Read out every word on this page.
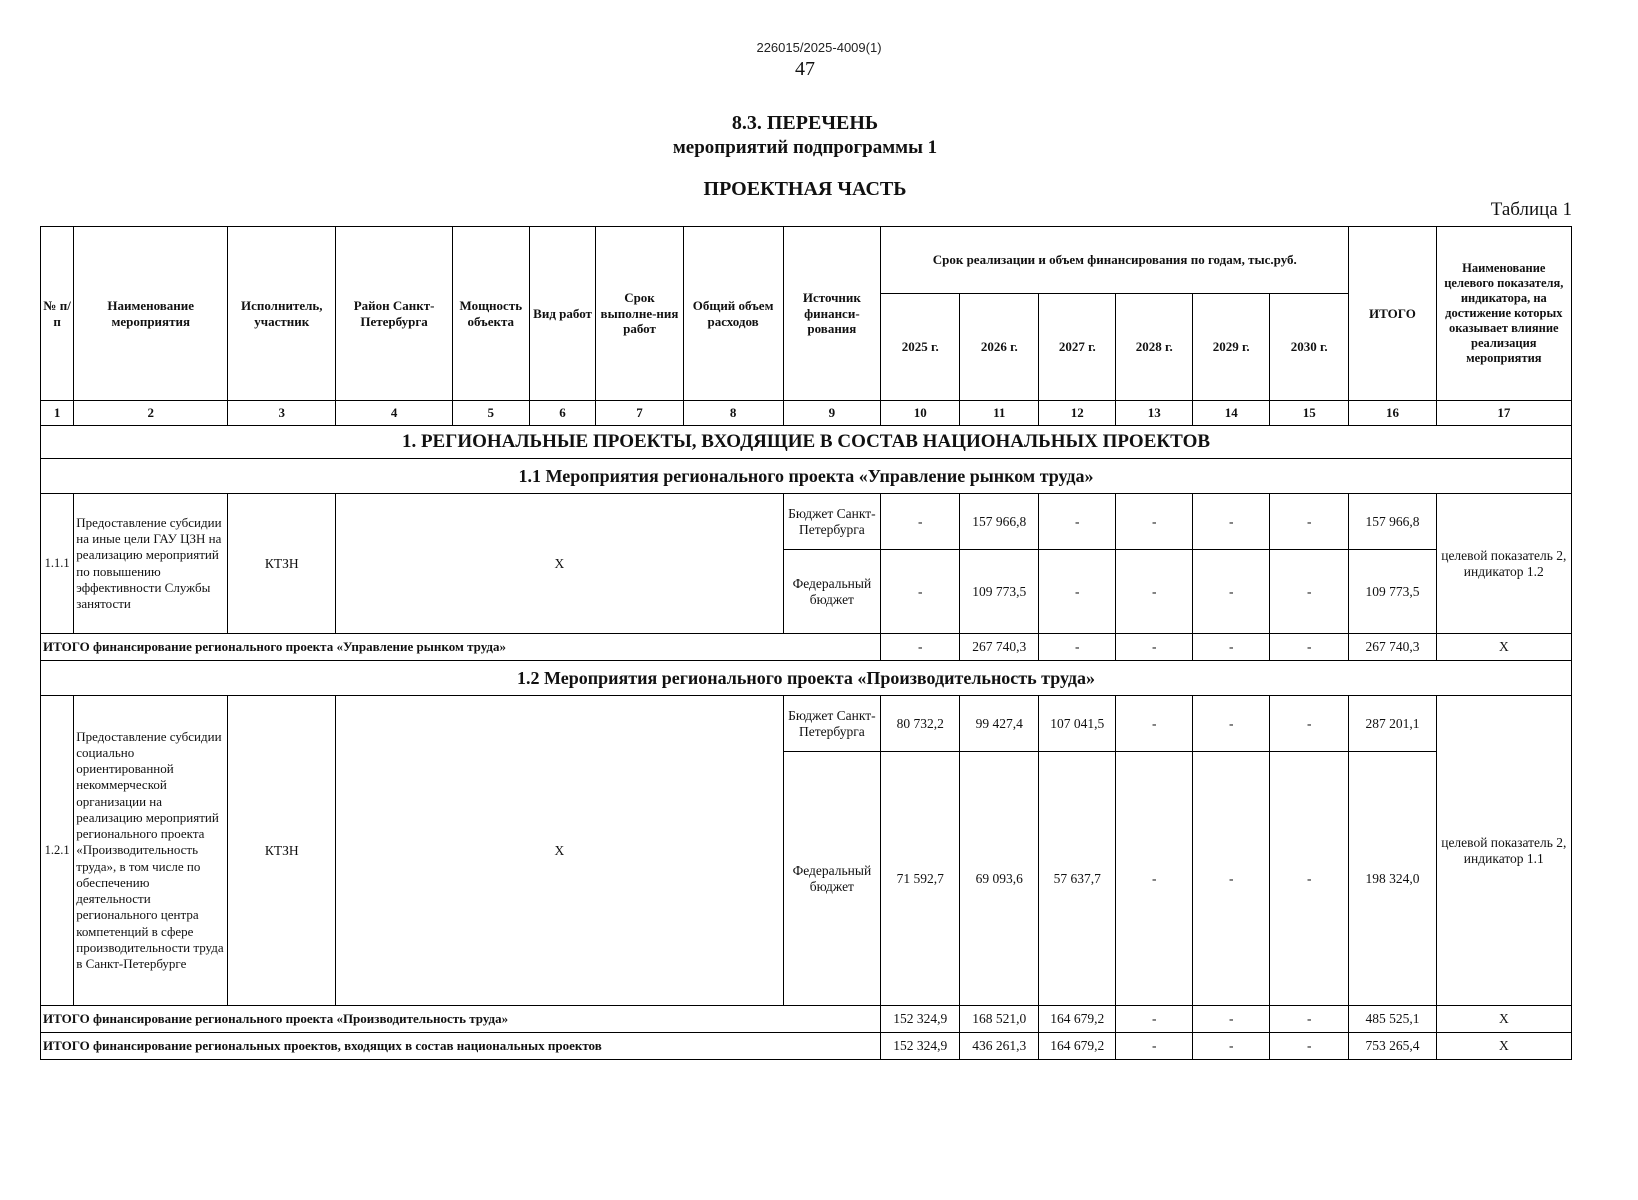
226015/2025-4009(1)
47
8.3. ПЕРЕЧЕНЬ
мероприятий подпрограммы 1
ПРОЕКТНАЯ ЧАСТЬ
Таблица 1
№ п/п	Наименование мероприятия	Исполнитель, участник	Район Санкт-Петербурга	Мощность объекта	Вид работ	Срок выполне-ния работ	Общий объем расходов	Источник финанси-рования	Срок реализации и объем финансирования по годам, тыс.руб.						ИТОГО	Наименование целевого показателя, индикатора, на достижение которых оказывает влияние реализация мероприятия
									2025 г.	2026 г.	2027 г.	2028 г.	2029 г.	2030 г.		
1	2	3	4	5	6	7	8	9	10	11	12	13	14	15	16	17
1. РЕГИОНАЛЬНЫЕ ПРОЕКТЫ, ВХОДЯЩИЕ В СОСТАВ НАЦИОНАЛЬНЫХ ПРОЕКТОВ																
1.1 Мероприятия регионального проекта «Управление рынком труда»																
1.1.1	Предоставление субсидии на иные цели ГАУ ЦЗН на реализацию мероприятий по повышению эффективности Службы занятости	КТЗН	X					Бюджет Санкт-Петербурга	-	157 966,8	-	-	-	-	157 966,8	целевой показатель 2, индикатор 1.2
								Федеральный бюджет	-	109 773,5	-	-	-	-	109 773,5	
ИТОГО финансирование регионального проекта «Управление рынком труда»									-	267 740,3	-	-	-	-	267 740,3	X
1.2 Мероприятия регионального проекта «Производительность труда»																
1.2.1	Предоставление субсидии социально ориентированной некоммерческой организации на реализацию мероприятий регионального проекта «Производительность труда», в том числе по обеспечению деятельности регионального центра компетенций в сфере производительности труда в Санкт-Петербурге	КТЗН	X					Бюджет Санкт-Петербурга	80 732,2	99 427,4	107 041,5	-	-	-	287 201,1	целевой показатель 2, индикатор 1.1
								Федеральный бюджет	71 592,7	69 093,6	57 637,7	-	-	-	198 324,0	
ИТОГО финансирование регионального проекта «Производительность труда»									152 324,9	168 521,0	164 679,2	-	-	-	485 525,1	X
ИТОГО финансирование региональных проектов, входящих в состав национальных проектов									152 324,9	436 261,3	164 679,2	-	-	-	753 265,4	X
